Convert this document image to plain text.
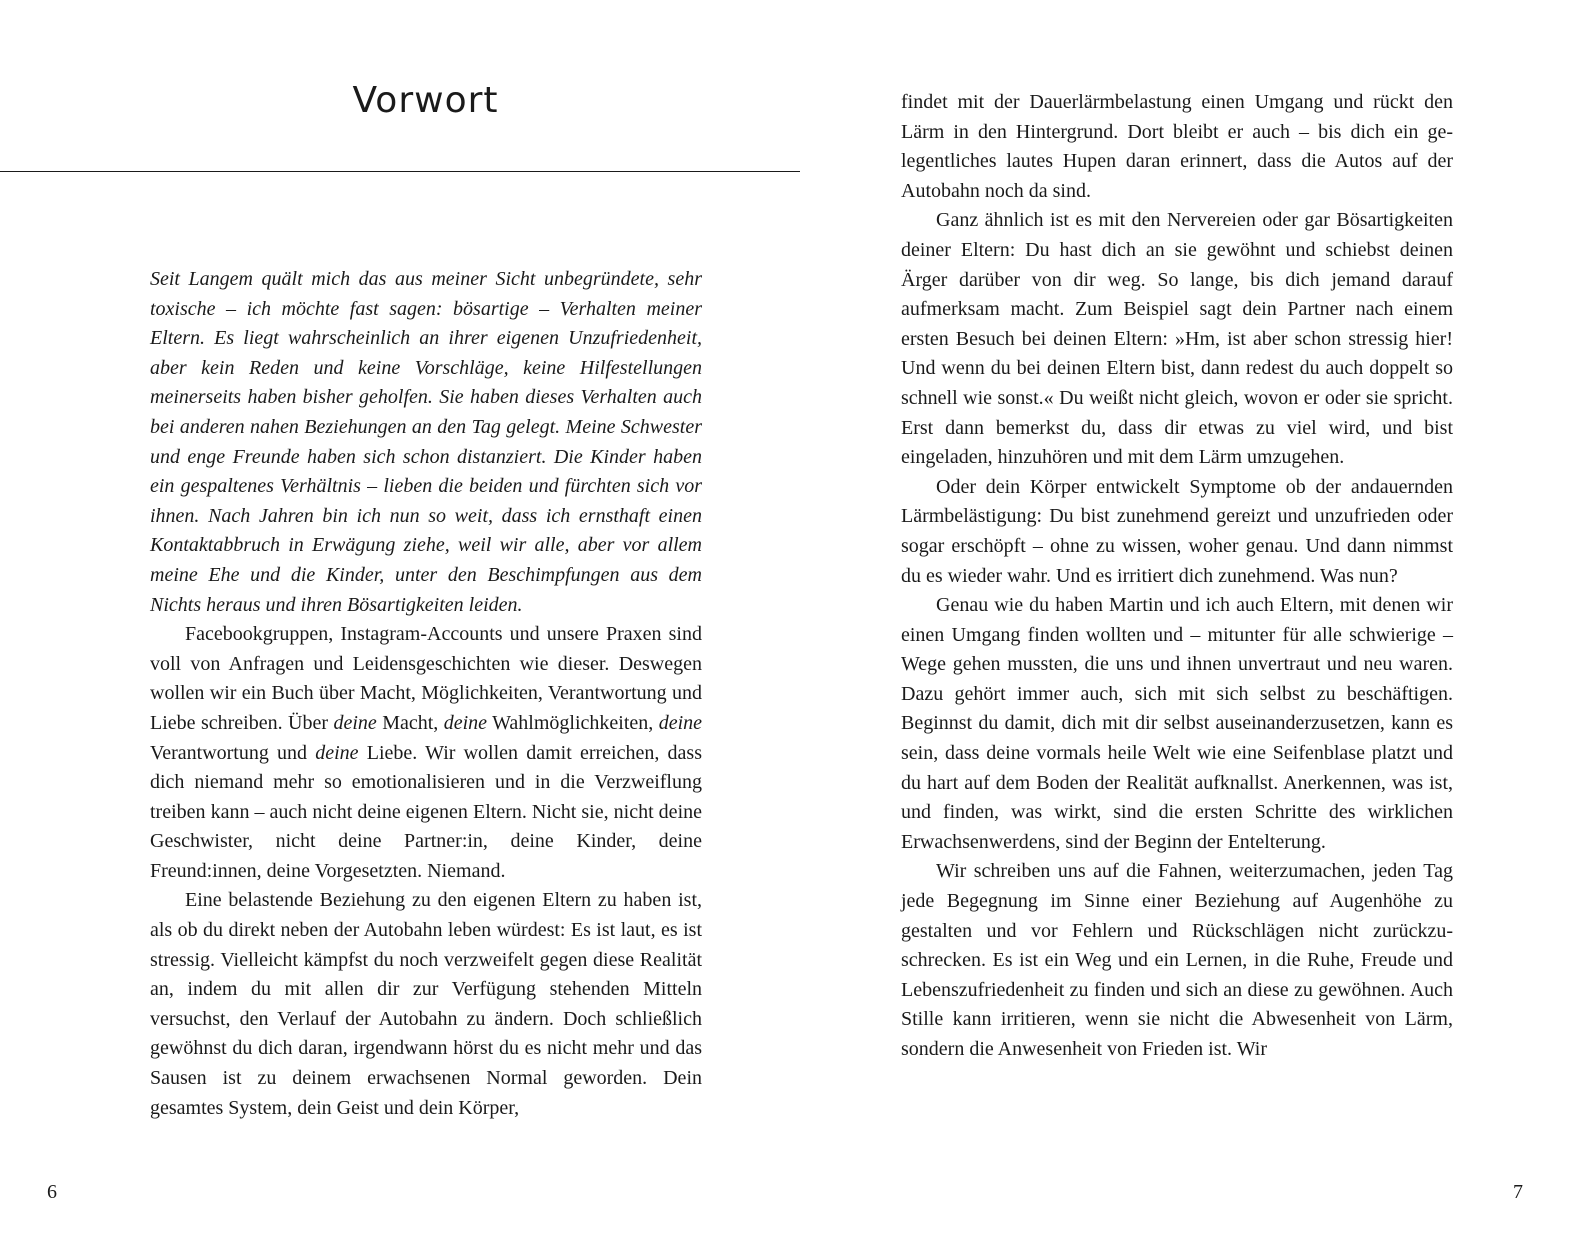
Vorwort

Seit Langem quält mich das aus meiner Sicht unbegründete, sehr toxische – ich möchte fast sagen: bösartige – Verhalten meiner Eltern. Es liegt wahrscheinlich an ihrer eigenen Unzufriedenheit, aber kein Reden und keine Vorschläge, keine Hilfestellungen meinerseits haben bisher geholfen. Sie haben dieses Verhalten auch bei anderen nahen Beziehungen an den Tag gelegt. Meine Schwester und enge Freunde haben sich schon distanziert. Die Kinder haben ein gespaltenes Verhältnis – lieben die beiden und fürchten sich vor ihnen. Nach Jahren bin ich nun so weit, dass ich ernsthaft einen Kontaktabbruch in Erwägung ziehe, weil wir alle, aber vor allem meine Ehe und die Kinder, unter den Beschimpfungen aus dem Nichts heraus und ihren Bösartigkeiten leiden.

Facebookgruppen, Instagram-Accounts und unsere Praxen sind voll von Anfragen und Leidensgeschichten wie dieser. Deswegen wollen wir ein Buch über Macht, Möglichkeiten, Verantwortung und Liebe schreiben. Über deine Macht, deine Wahlmöglichkeiten, deine Verantwortung und deine Liebe. Wir wollen damit erreichen, dass dich niemand mehr so emotionalisieren und in die Verzweiflung treiben kann – auch nicht deine eigenen Eltern. Nicht sie, nicht deine Geschwister, nicht deine Partner:in, deine Kinder, deine Freund:innen, deine Vorgesetzten. Niemand.

Eine belastende Beziehung zu den eigenen Eltern zu haben ist, als ob du direkt neben der Autobahn leben würdest: Es ist laut, es ist stressig. Vielleicht kämpfst du noch verzweifelt gegen diese Realität an, indem du mit allen dir zur Verfügung stehenden Mitteln versuchst, den Verlauf der Autobahn zu ändern. Doch schließlich gewöhnst du dich daran, irgendwann hörst du es nicht mehr und das Sausen ist zu deinem erwachsenen Normal geworden. Dein gesamtes System, dein Geist und dein Körper,

6

findet mit der Dauerlärmbelastung einen Umgang und rückt den Lärm in den Hintergrund. Dort bleibt er auch – bis dich ein gelegentliches lautes Hupen daran erinnert, dass die Autos auf der Autobahn noch da sind.

Ganz ähnlich ist es mit den Nervereien oder gar Bösartigkeiten deiner Eltern: Du hast dich an sie gewöhnt und schiebst deinen Ärger darüber von dir weg. So lange, bis dich jemand darauf aufmerksam macht. Zum Beispiel sagt dein Partner nach einem ersten Besuch bei deinen Eltern: »Hm, ist aber schon stressig hier! Und wenn du bei deinen Eltern bist, dann redest du auch doppelt so schnell wie sonst.« Du weißt nicht gleich, wovon er oder sie spricht. Erst dann bemerkst du, dass dir etwas zu viel wird, und bist eingeladen, hinzuhören und mit dem Lärm umzugehen.

Oder dein Körper entwickelt Symptome ob der andauernden Lärmbelästigung: Du bist zunehmend gereizt und unzufrieden oder sogar erschöpft – ohne zu wissen, woher genau. Und dann nimmst du es wieder wahr. Und es irritiert dich zunehmend. Was nun?

Genau wie du haben Martin und ich auch Eltern, mit denen wir einen Umgang finden wollten und – mitunter für alle schwierige – Wege gehen mussten, die uns und ihnen unvertraut und neu waren. Dazu gehört immer auch, sich mit sich selbst zu beschäftigen. Beginnst du damit, dich mit dir selbst auseinanderzusetzen, kann es sein, dass deine vormals heile Welt wie eine Seifenblase platzt und du hart auf dem Boden der Realität aufknallst. Anerkennen, was ist, und finden, was wirkt, sind die ersten Schritte des wirklichen Erwachsenwerdens, sind der Beginn der Entelterung.

Wir schreiben uns auf die Fahnen, weiterzumachen, jeden Tag jede Begegnung im Sinne einer Beziehung auf Augenhöhe zu gestalten und vor Fehlern und Rückschlägen nicht zurückzuschrecken. Es ist ein Weg und ein Lernen, in die Ruhe, Freude und Lebenszufriedenheit zu finden und sich an diese zu gewöhnen. Auch Stille kann irritieren, wenn sie nicht die Abwesenheit von Lärm, sondern die Anwesenheit von Frieden ist. Wir

7
